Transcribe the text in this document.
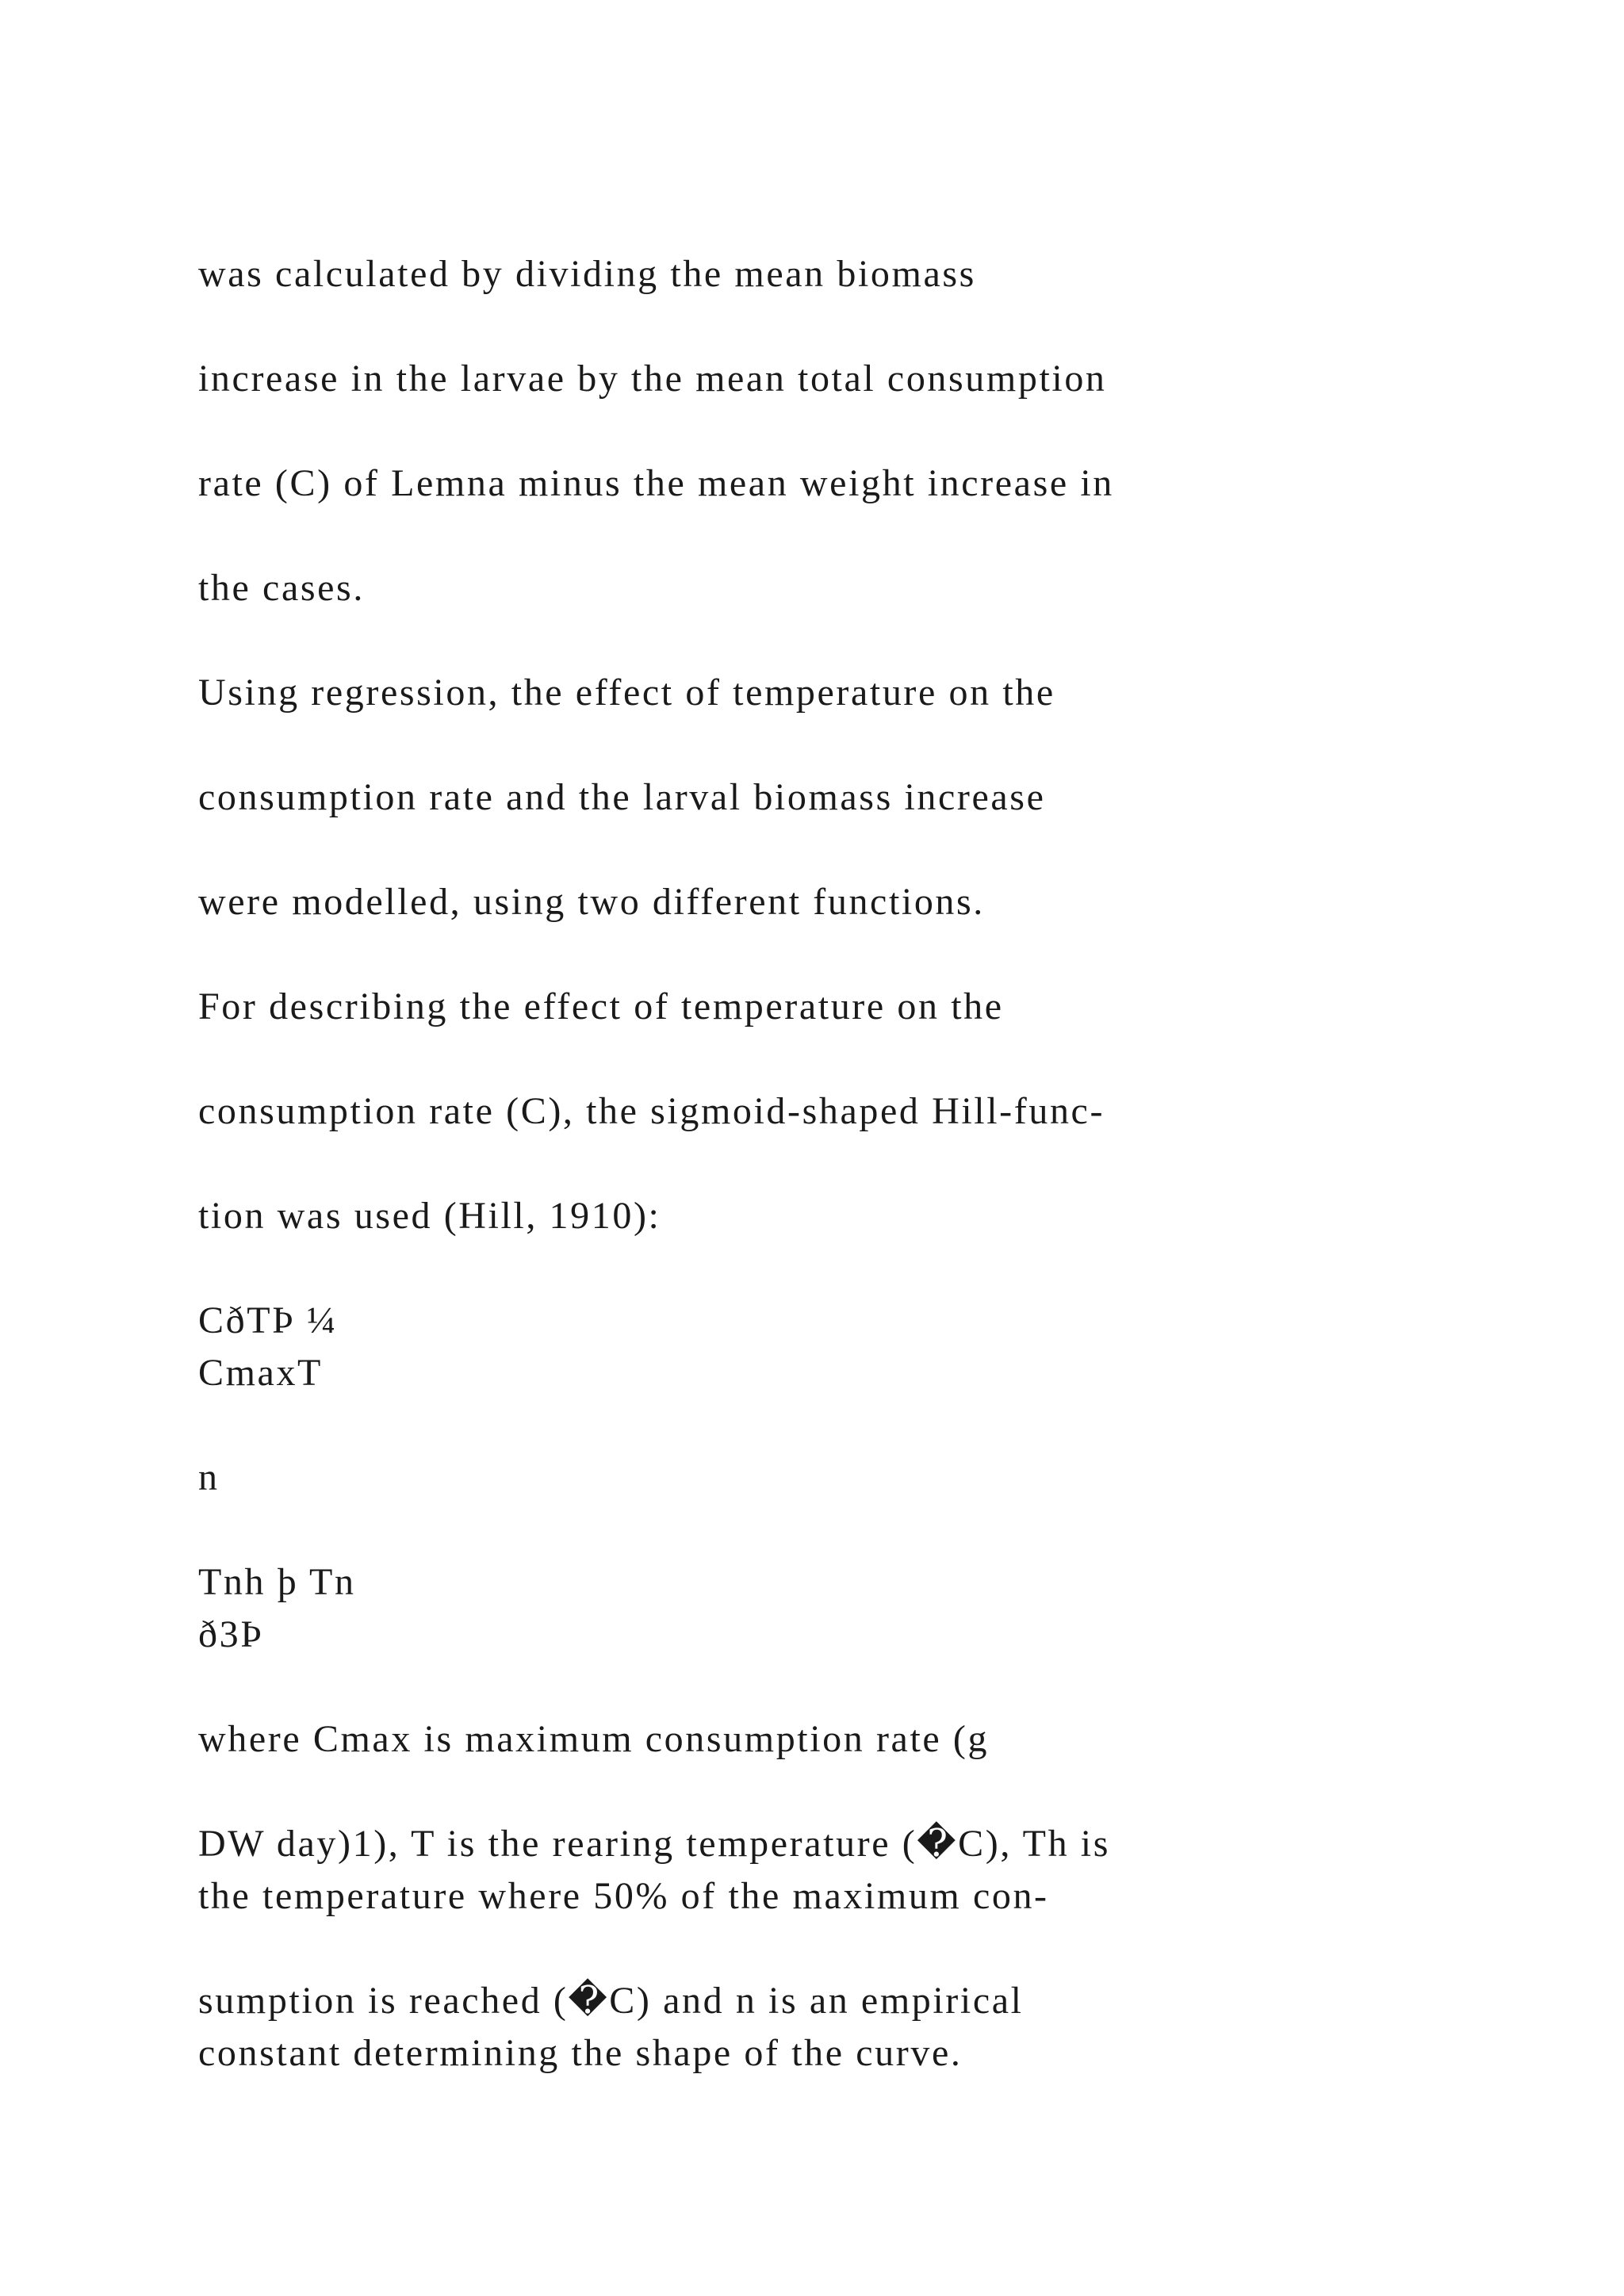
was calculated by dividing the mean biomass
increase in the larvae by the mean total consumption
rate (C) of Lemna minus the mean weight increase in
the cases.
Using regression, the effect of temperature on the
consumption rate and the larval biomass increase
were modelled, using two different functions.
For describing the effect of temperature on the
consumption rate (C), the sigmoid-shaped Hill-func-
tion was used (Hill, 1910):
CðTÞ ¼
CmaxT
n
Tnh þ Tn
ð3Þ
where Cmax is maximum consumption rate (g
DW day)1), T is the rearing temperature (�C), Th is
the temperature where 50% of the maximum con-
sumption is reached (�C) and n is an empirical
constant determining the shape of the curve.
